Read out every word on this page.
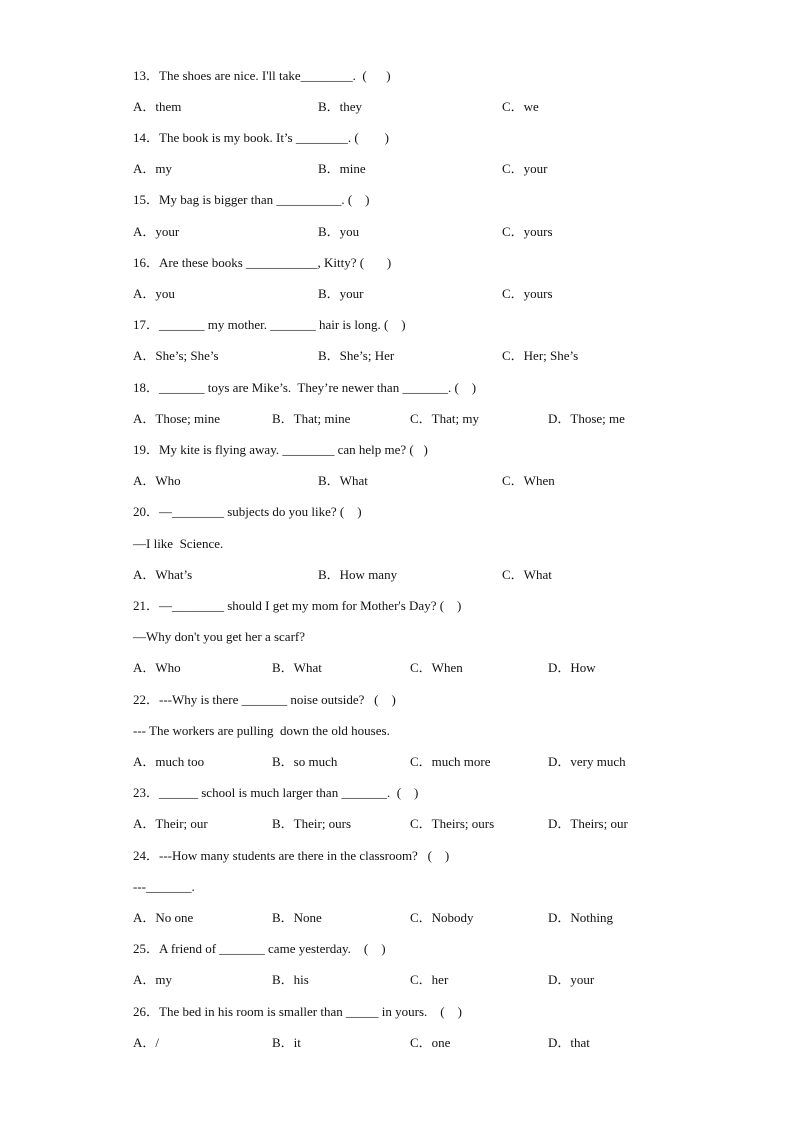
13．The shoes are nice. I'll take________.  (      )
A．them	B．they	C．we
14．The book is my book. It’s ________. (        )
A．my	B．mine	C．your
15．My bag is bigger than __________. (    )
A．your	B．you	C．yours
16．Are these books ___________, Kitty? (       )
A．you	B．your	C．yours
17．_______ my mother. _______ hair is long. (    )
A．She’s; She’s	B．She’s; Her	C．Her; She’s
18．_______ toys are Mike’s.  They’re newer than _______. (    )
A．Those; mine	B．That; mine	C．That; my	D．Those; me
19．My kite is flying away. ________ can help me? (   )
A．Who	B．What	C．When
20．—________ subjects do you like? (    )
—I like  Science.
A．What’s	B．How many	C．What
21．—________ should I get my mom for Mother's Day? (    )
—Why don't you get her a scarf?
A．Who	B．What	C．When	D．How
22．---Why is there _______ noise outside?   (    )
--- The workers are pulling  down the old houses.
A．much too	B．so much	C．much more	D．very much
23．______ school is much larger than _______.  (    )
A．Their; our	B．Their; ours	C．Theirs; ours	D．Theirs; our
24．---How many students are there in the classroom?   (    )
---_______.
A．No one	B．None	C．Nobody	D．Nothing
25．A friend of _______ came yesterday.    (    )
A．my	B．his	C．her	D．your
26．The bed in his room is smaller than _____ in yours.    (    )
A．/	B．it	C．one	D．that
